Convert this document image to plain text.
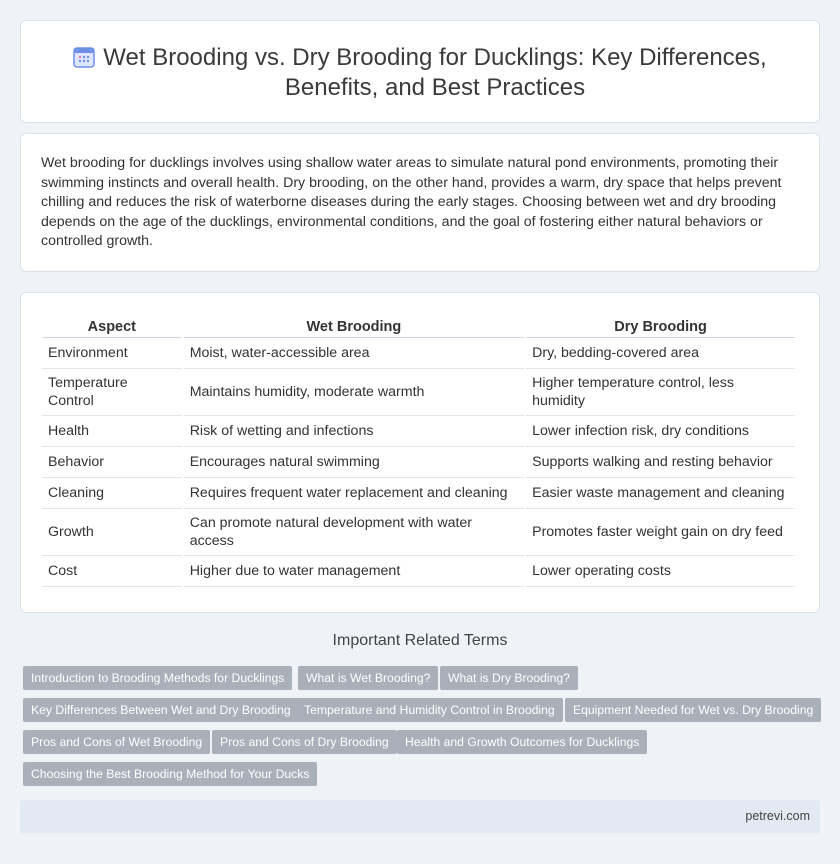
Wet Brooding vs. Dry Brooding for Ducklings: Key Differences, Benefits, and Best Practices

Wet brooding for ducklings involves using shallow water areas to simulate natural pond environments, promoting their swimming instincts and overall health. Dry brooding, on the other hand, provides a warm, dry space that helps prevent chilling and reduces the risk of waterborne diseases during the early stages. Choosing between wet and dry brooding depends on the age of the ducklings, environmental conditions, and the goal of fostering either natural behaviors or controlled growth.

Aspect	Wet Brooding	Dry Brooding
Environment	Moist, water-accessible area	Dry, bedding-covered area
Temperature Control	Maintains humidity, moderate warmth	Higher temperature control, less humidity
Health	Risk of wetting and infections	Lower infection risk, dry conditions
Behavior	Encourages natural swimming	Supports walking and resting behavior
Cleaning	Requires frequent water replacement and cleaning	Easier waste management and cleaning
Growth	Can promote natural development with water access	Promotes faster weight gain on dry feed
Cost	Higher due to water management	Lower operating costs
Important Related Terms
Introduction to Brooding Methods for Ducklings	What is Wet Brooding?	What is Dry Brooding?
Key Differences Between Wet and Dry Brooding	Temperature and Humidity Control in Brooding	Equipment Needed for Wet vs. Dry Brooding
Pros and Cons of Wet Brooding	Pros and Cons of Dry Brooding	Health and Growth Outcomes for Ducklings
Choosing the Best Brooding Method for Your Ducks
petrevi.com
